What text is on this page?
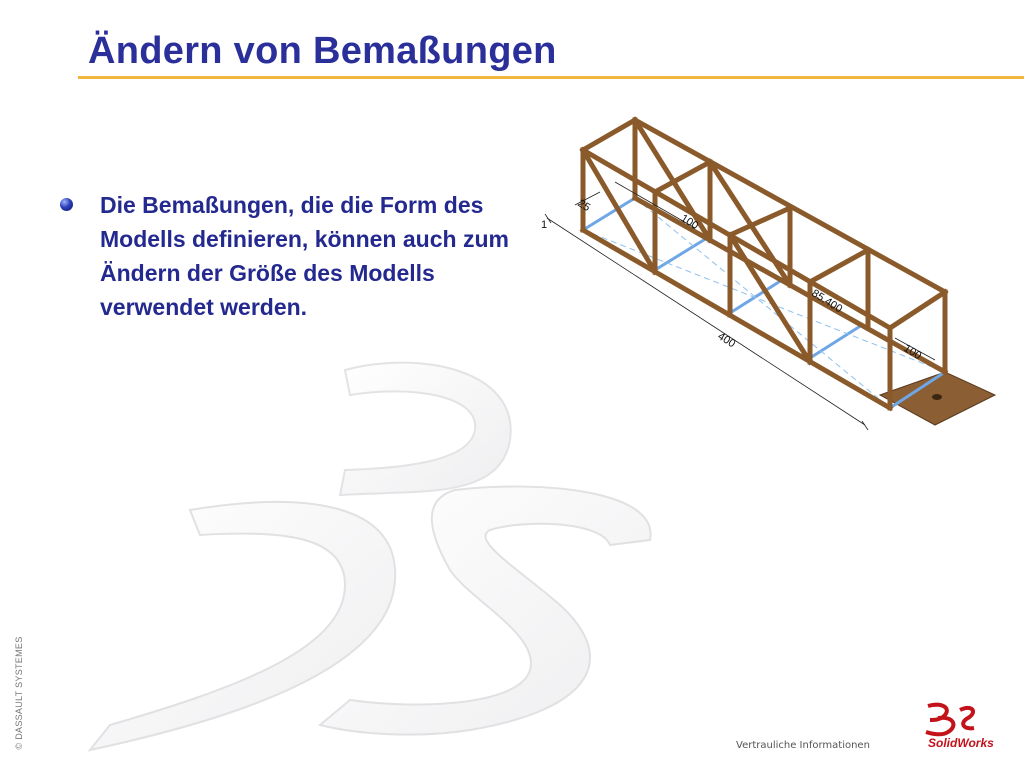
Ändern von Bemaßungen

Die Bemaßungen, die die Form des Modells definieren, können auch zum Ändern der Größe des Modells verwendet werden.

25
100
400
85.400
100
1
© DASSAULT SYSTEMES	Vertrauliche Informationen	SolidWorks
